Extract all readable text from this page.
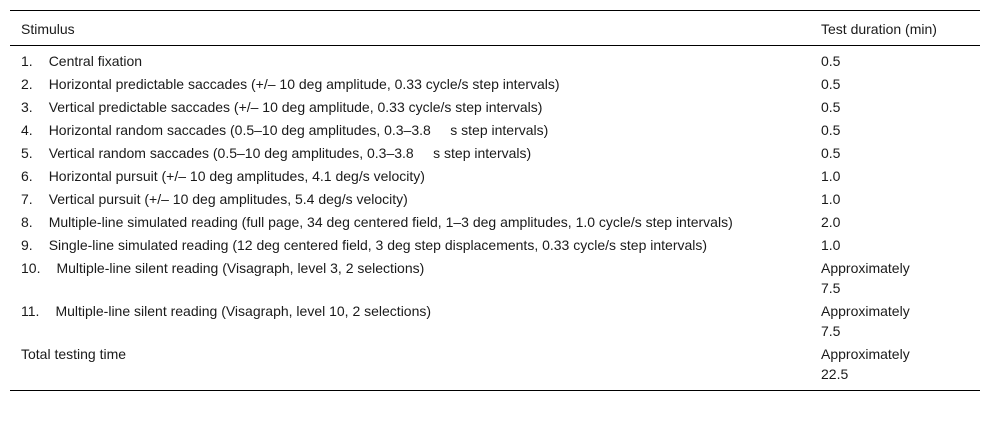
Stimulus	Test duration (min)
1. Central fixation	0.5
2. Horizontal predictable saccades (+/– 10 deg amplitude, 0.33 cycle/s step intervals)	0.5
3. Vertical predictable saccades (+/– 10 deg amplitude, 0.33 cycle/s step intervals)	0.5
4. Horizontal random saccades (0.5–10 deg amplitudes, 0.3–3.8     s step intervals)	0.5
5. Vertical random saccades (0.5–10 deg amplitudes, 0.3–3.8     s step intervals)	0.5
6. Horizontal pursuit (+/– 10 deg amplitudes, 4.1 deg/s velocity)	1.0
7. Vertical pursuit (+/– 10 deg amplitudes, 5.4 deg/s velocity)	1.0
8. Multiple-line simulated reading (full page, 34 deg centered field, 1–3 deg amplitudes, 1.0 cycle/s step intervals)	2.0
9. Single-line simulated reading (12 deg centered field, 3 deg step displacements, 0.33 cycle/s step intervals)	1.0
10. Multiple-line silent reading (Visagraph, level 3, 2 selections)	Approximately
7.5
11. Multiple-line silent reading (Visagraph, level 10, 2 selections)	Approximately
7.5
Total testing time	Approximately
22.5
